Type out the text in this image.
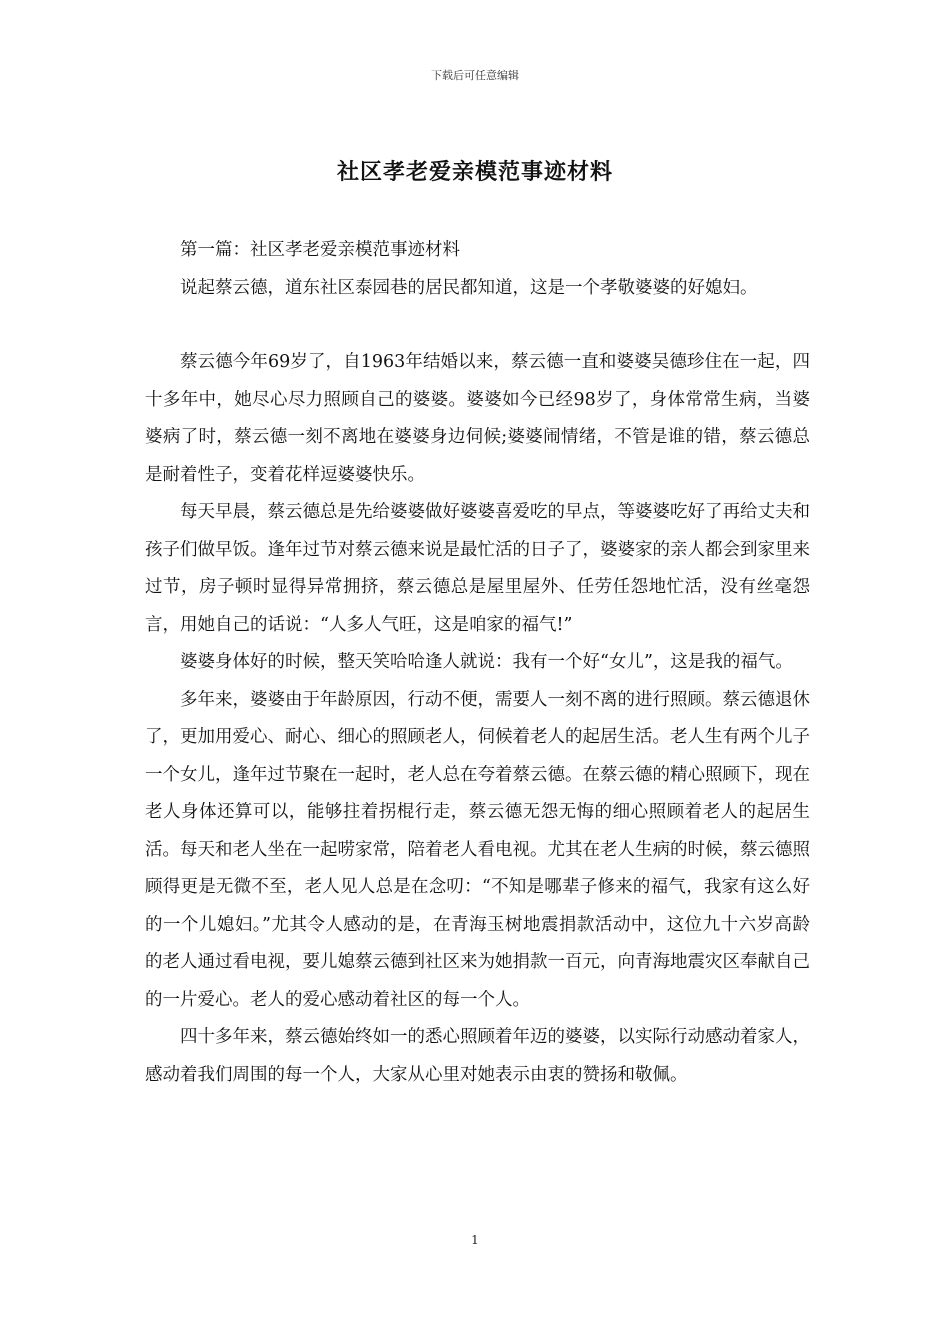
下载后可任意编辑
社区孝老爱亲模范事迹材料

第一篇：社区孝老爱亲模范事迹材料

说起蔡云德，道东社区泰园巷的居民都知道，这是一个孝敬婆婆的好媳妇。

蔡云德今年69岁了，自1963年结婚以来，蔡云德一直和婆婆吴德珍住在一起，四十多年中，她尽心尽力照顾自己的婆婆。婆婆如今已经98岁了，身体常常生病，当婆婆病了时，蔡云德一刻不离地在婆婆身边伺候;婆婆闹情绪，不管是谁的错，蔡云德总是耐着性子，变着花样逗婆婆快乐。

每天早晨，蔡云德总是先给婆婆做好婆婆喜爱吃的早点，等婆婆吃好了再给丈夫和孩子们做早饭。逢年过节对蔡云德来说是最忙活的日子了，婆婆家的亲人都会到家里来过节，房子顿时显得异常拥挤，蔡云德总是屋里屋外、任劳任怨地忙活，没有丝毫怨言，用她自己的话说：“人多人气旺，这是咱家的福气!”

婆婆身体好的时候，整天笑哈哈逢人就说：我有一个好“女儿”，这是我的福气。

多年来，婆婆由于年龄原因，行动不便，需要人一刻不离的进行照顾。蔡云德退休了，更加用爱心、耐心、细心的照顾老人，伺候着老人的起居生活。老人生有两个儿子一个女儿，逢年过节聚在一起时，老人总在夸着蔡云德。在蔡云德的精心照顾下，现在老人身体还算可以，能够拄着拐棍行走，蔡云德无怨无悔的细心照顾着老人的起居生活。每天和老人坐在一起唠家常，陪着老人看电视。尤其在老人生病的时候，蔡云德照顾得更是无微不至，老人见人总是在念叨：“不知是哪辈子修来的福气，我家有这么好的一个儿媳妇。”尤其令人感动的是，在青海玉树地震捐款活动中，这位九十六岁高龄的老人通过看电视，要儿媳蔡云德到社区来为她捐款一百元，向青海地震灾区奉献自己的一片爱心。老人的爱心感动着社区的每一个人。

四十多年来，蔡云德始终如一的悉心照顾着年迈的婆婆，以实际行动感动着家人，感动着我们周围的每一个人，大家从心里对她表示由衷的赞扬和敬佩。

1
